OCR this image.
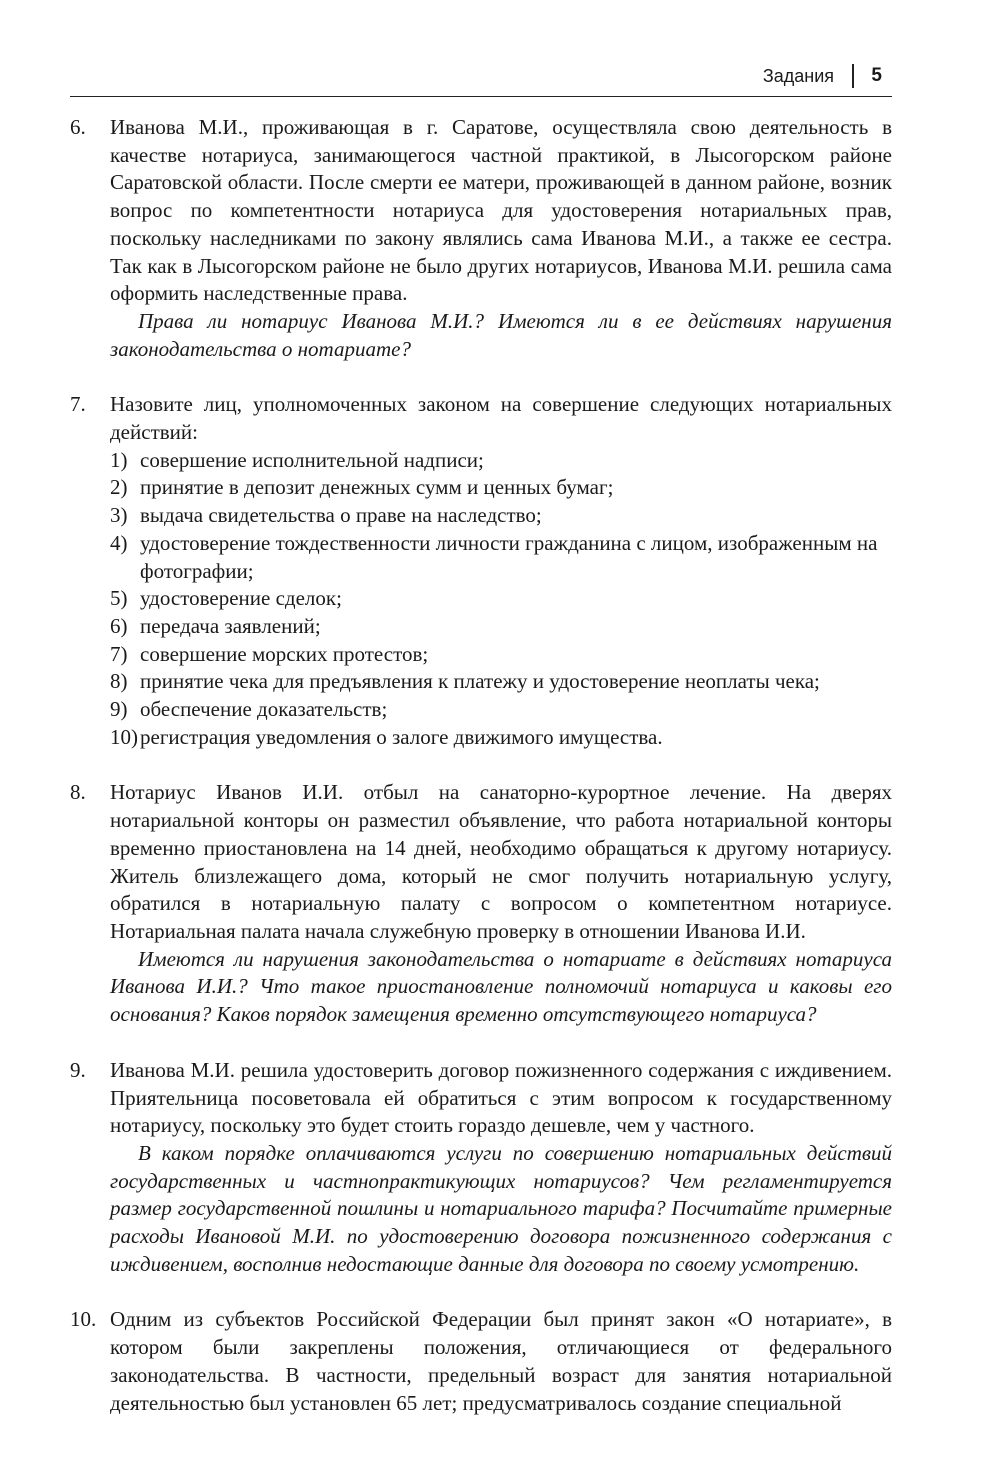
Задания 5
6. Иванова М.И., проживающая в г. Саратове, осуществляла свою деятельность в качестве нотариуса, занимающегося частной практикой, в Лысогорском районе Саратовской области. После смерти ее матери, проживающей в данном районе, возник вопрос по компетентности нотариуса для удостоверения нотариальных прав, поскольку наследниками по закону являлись сама Иванова М.И., а также ее сестра. Так как в Лысогорском районе не было других нотариусов, Иванова М.И. решила сама оформить наследственные права.
Права ли нотариус Иванова М.И.? Имеются ли в ее действиях нарушения законодательства о нотариате?
7. Назовите лиц, уполномоченных законом на совершение следующих нотариальных действий:
1) совершение исполнительной надписи;
2) принятие в депозит денежных сумм и ценных бумаг;
3) выдача свидетельства о праве на наследство;
4) удостоверение тождественности личности гражданина с лицом, изображенным на фотографии;
5) удостоверение сделок;
6) передача заявлений;
7) совершение морских протестов;
8) принятие чека для предъявления к платежу и удостоверение неоплаты чека;
9) обеспечение доказательств;
10) регистрация уведомления о залоге движимого имущества.
8. Нотариус Иванов И.И. отбыл на санаторно-курортное лечение. На дверях нотариальной конторы он разместил объявление, что работа нотариальной конторы временно приостановлена на 14 дней, необходимо обращаться к другому нотариусу. Житель близлежащего дома, который не смог получить нотариальную услугу, обратился в нотариальную палату с вопросом о компетентном нотариусе. Нотариальная палата начала служебную проверку в отношении Иванова И.И.
Имеются ли нарушения законодательства о нотариате в действиях нотариуса Иванова И.И.? Что такое приостановление полномочий нотариуса и каковы его основания? Каков порядок замещения временно отсутствующего нотариуса?
9. Иванова М.И. решила удостоверить договор пожизненного содержания с иждивением. Приятельница посоветовала ей обратиться с этим вопросом к государственному нотариусу, поскольку это будет стоить гораздо дешевле, чем у частного.
В каком порядке оплачиваются услуги по совершению нотариальных действий государственных и частнопрактикующих нотариусов? Чем регламентируется размер государственной пошлины и нотариального тарифа? Посчитайте примерные расходы Ивановой М.И. по удостоверению договора пожизненного содержания с иждивением, восполнив недостающие данные для договора по своему усмотрению.
10. Одним из субъектов Российской Федерации был принят закон «О нотариате», в котором были закреплены положения, отличающиеся от федерального законодательства. В частности, предельный возраст для занятия нотариальной деятельностью был установлен 65 лет; предусматривалось создание специальной
